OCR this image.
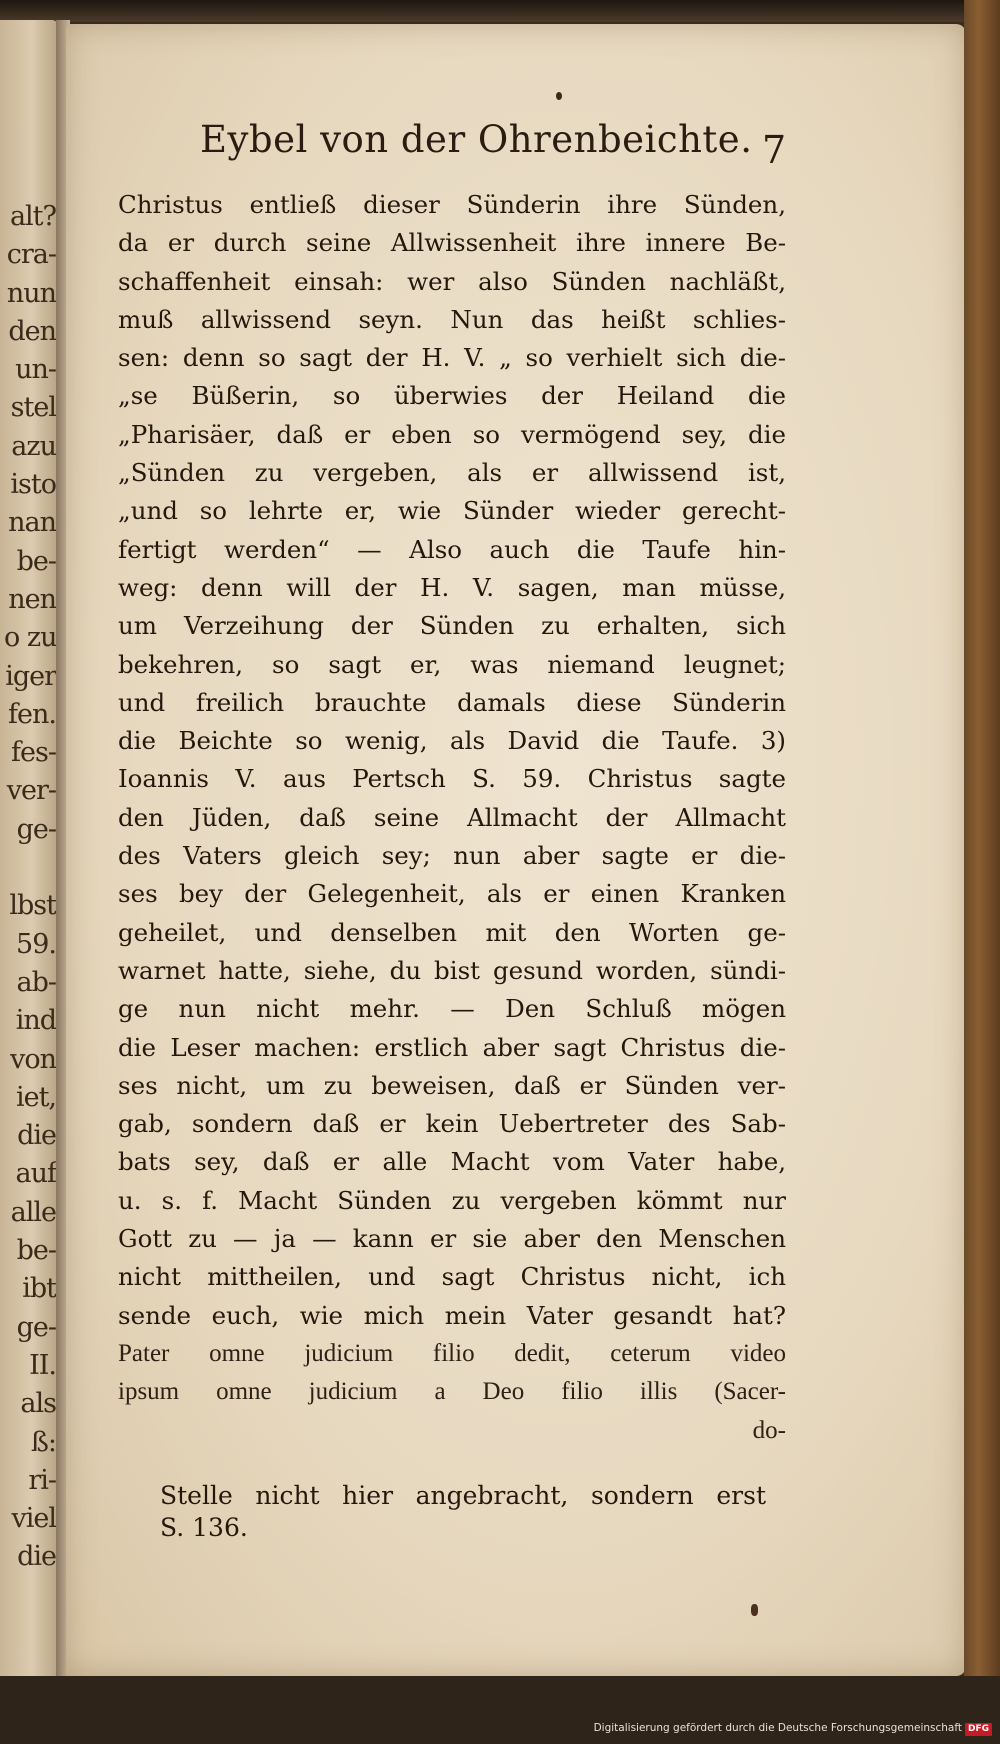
alt?
cra-
nun
den
un-
stel
azu
isto
nan
be-
nen
o zu
iger
fen.
fes-
ver-
ge-

lbst
59.
ab-
ind
von
iet,
die
auf
alle
be-
ibt
ge-
II.
als
ß:
ri-
viel
die
Eybel von der Ohrenbeichte. 7
Christus entließ dieser Sünderin ihre Sünden,
da er durch seine Allwissenheit ihre innere Be-
schaffenheit einsah: wer also Sünden nachläßt,
muß allwissend seyn. Nun das heißt schlies-
sen: denn so sagt der H. V. „ so verhielt sich die-
„se Büßerin, so überwies der Heiland die
„Pharisäer, daß er eben so vermögend sey, die
„Sünden zu vergeben, als er allwissend ist,
„und so lehrte er, wie Sünder wieder gerecht-
fertigt werden“ — Also auch die Taufe hin-
weg: denn will der H. V. sagen, man müsse,
um Verzeihung der Sünden zu erhalten, sich
bekehren, so sagt er, was niemand leugnet;
und freilich brauchte damals diese Sünderin
die Beichte so wenig, als David die Taufe. 3)
Ioannis V. aus Pertsch S. 59. Christus sagte
den Jüden, daß seine Allmacht der Allmacht
des Vaters gleich sey; nun aber sagte er die-
ses bey der Gelegenheit, als er einen Kranken
geheilet, und denselben mit den Worten ge-
warnet hatte, siehe, du bist gesund worden, sündi-
ge nun nicht mehr. — Den Schluß mögen
die Leser machen: erstlich aber sagt Christus die-
ses nicht, um zu beweisen, daß er Sünden ver-
gab, sondern daß er kein Uebertreter des Sab-
bats sey, daß er alle Macht vom Vater habe,
u. s. f. Macht Sünden zu vergeben kömmt nur
Gott zu — ja — kann er sie aber den Menschen
nicht mittheilen, und sagt Christus nicht, ich
sende euch, wie mich mein Vater gesandt hat?
Pater omne judicium filio dedit, ceterum video
ipsum omne judicium a Deo filio illis (Sacer-
do-
Stelle nicht hier angebracht, sondern erst
S. 136.
Digitalisierung gefördert durch die Deutsche Forschungsgemeinschaft DFG
